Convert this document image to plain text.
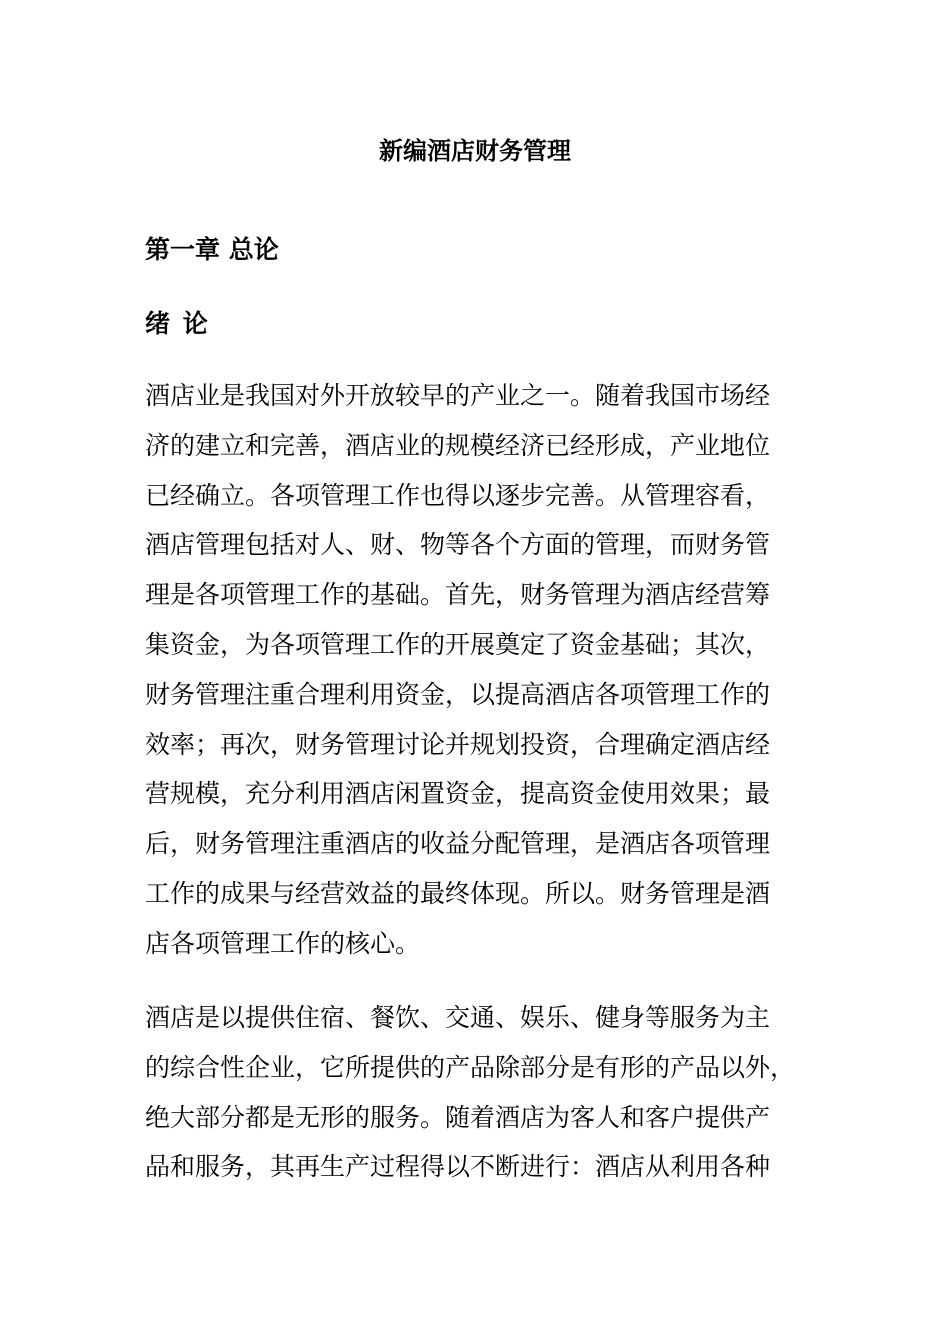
新编酒店财务管理
第一章 总论
绪 论

酒店业是我国对外开放较早的产业之一。随着我国市场经
济的建立和完善，酒店业的规模经济已经形成，产业地位
已经确立。各项管理工作也得以逐步完善。从管理容看，
酒店管理包括对人、财、物等各个方面的管理，而财务管
理是各项管理工作的基础。首先，财务管理为酒店经营筹
集资金，为各项管理工作的开展奠定了资金基础；其次，
财务管理注重合理利用资金，以提高酒店各项管理工作的
效率；再次，财务管理讨论并规划投资，合理确定酒店经
营规模，充分利用酒店闲置资金，提高资金使用效果；最
后，财务管理注重酒店的收益分配管理，是酒店各项管理
工作的成果与经营效益的最终体现。所以。财务管理是酒
店各项管理工作的核心。

酒店是以提供住宿、餐饮、交通、娱乐、健身等服务为主
的综合性企业，它所提供的产品除部分是有形的产品以外，
绝大部分都是无形的服务。随着酒店为客人和客户提供产
品和服务，其再生产过程得以不断进行：酒店从利用各种
